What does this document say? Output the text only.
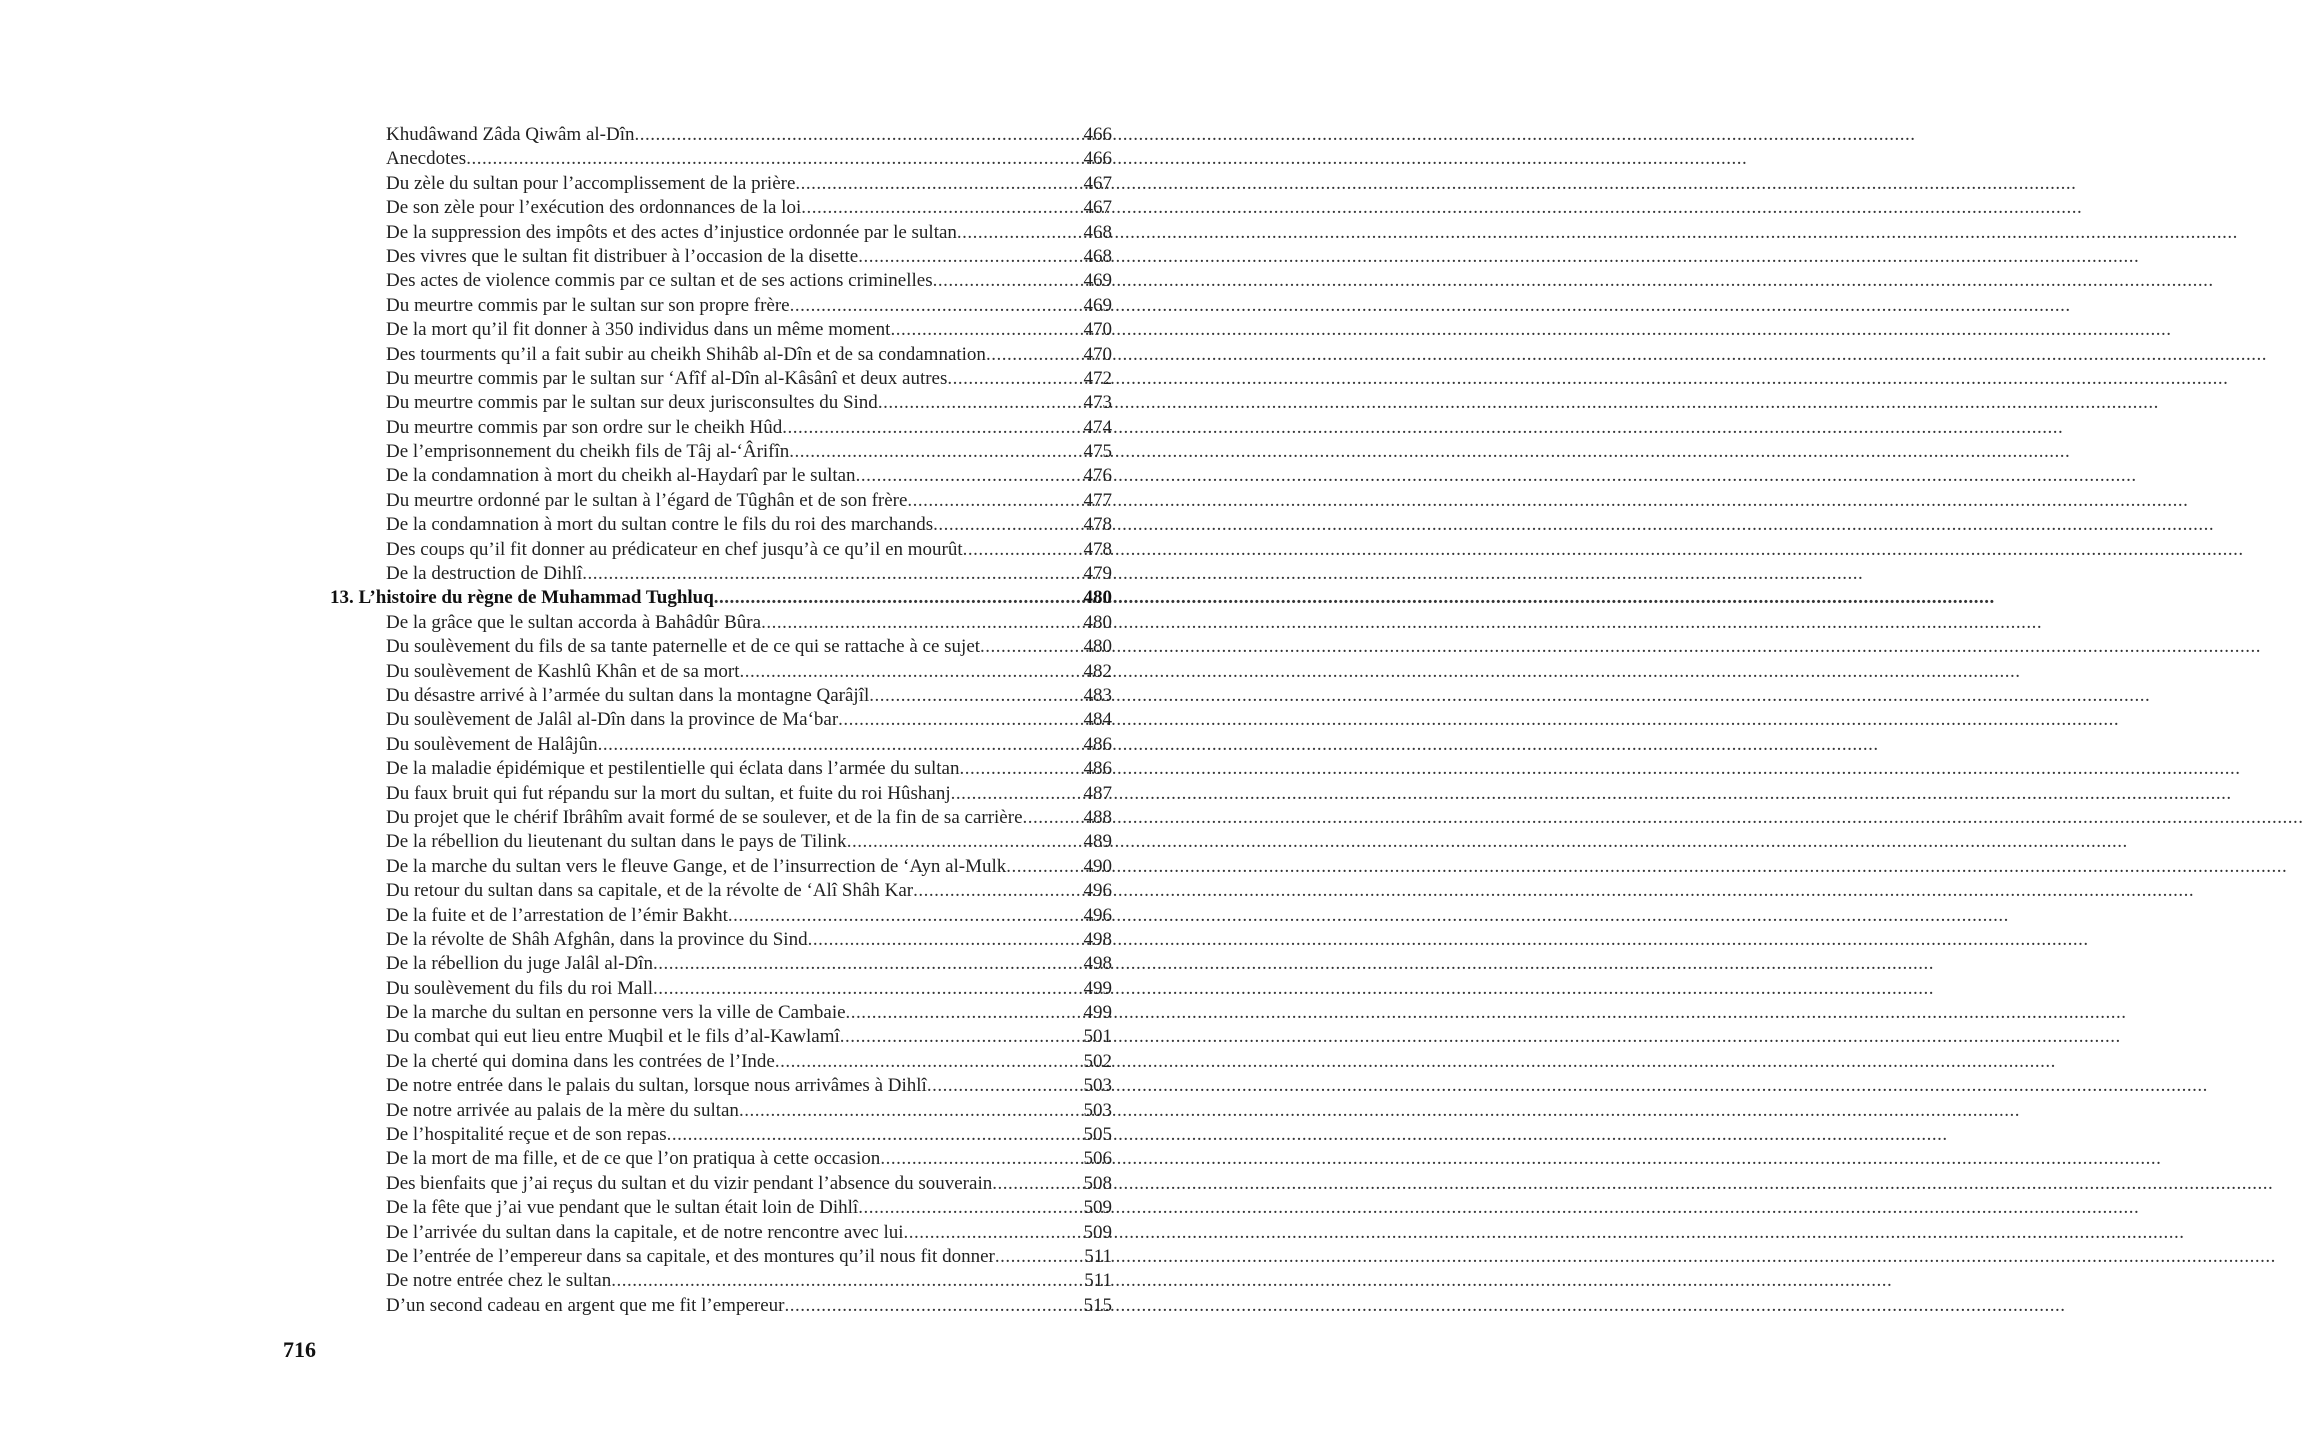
Khudâwand Zâda Qiwâm al-Dîn .....	466
Anecdotes .....	466
Du zèle du sultan pour l’accomplissement de la prière .....	467
De son zèle pour l’exécution des ordonnances de la loi .....	467
De la suppression des impôts et des actes d’injustice ordonnée par le sultan .....	468
Des vivres que le sultan fit distribuer à l’occasion de la disette .....	468
Des actes de violence commis par ce sultan et de ses actions criminelles .....	469
Du meurtre commis par le sultan sur son propre frère .....	469
De la mort qu’il fit donner à 350 individus dans un même moment .....	470
Des tourments qu’il a fait subir au cheikh Shihâb al-Dîn et de sa condamnation .....	470
Du meurtre commis par le sultan sur ‘Afîf al-Dîn al-Kâsânî et deux autres .....	472
Du meurtre commis par le sultan sur deux jurisconsultes du Sind .....	473
Du meurtre commis par son ordre sur le cheikh Hûd .....	474
De l’emprisonnement du cheikh fils de Tâj al-‘Ârifîn .....	475
De la condamnation à mort du cheikh al-Haydarî par le sultan .....	476
Du meurtre ordonné par le sultan à l’égard de Tûghân et de son frère .....	477
De la condamnation à mort du sultan contre le fils du roi des marchands .....	478
Des coups qu’il fit donner au prédicateur en chef jusqu’à ce qu’il en mourût .....	478
De la destruction de Dihlî .....	479
13. L’histoire du règne de Muhammad Tughluq .....	480
De la grâce que le sultan accorda à Bahâdûr Bûra .....	480
Du soulèvement du fils de sa tante paternelle et de ce qui se rattache à ce sujet .....	480
Du soulèvement de Kashlû Khân et de sa mort .....	482
Du désastre arrivé à l’armée du sultan dans la montagne Qarâjîl .....	483
Du soulèvement de Jalâl al-Dîn dans la province de Ma‘bar .....	484
Du soulèvement de Halâjûn .....	486
De la maladie épidémique et pestilentielle qui éclata dans l’armée du sultan .....	486
Du faux bruit qui fut répandu sur la mort du sultan, et fuite du roi Hûshanj .....	487
Du projet que le chérif Ibrâhîm avait formé de se soulever, et de la fin de sa carrière .....	488
De la rébellion du lieutenant du sultan dans le pays de Tilink .....	489
De la marche du sultan vers le fleuve Gange, et de l’insurrection de ‘Ayn al-Mulk .....	490
Du retour du sultan dans sa capitale, et de la révolte de ‘Alî Shâh Kar .....	496
De la fuite et de l’arrestation de l’émir Bakht .....	496
De la révolte de Shâh Afghân, dans la province du Sind .....	498
De la rébellion du juge Jalâl al-Dîn .....	498
Du soulèvement du fils du roi Mall .....	499
De la marche du sultan en personne vers la ville de Cambaie .....	499
Du combat qui eut lieu entre Muqbil et le fils d’al-Kawlamî .....	501
De la cherté qui domina dans les contrées de l’Inde .....	502
De notre entrée dans le palais du sultan, lorsque nous arrivâmes à Dihlî .....	503
De notre arrivée au palais de la mère du sultan .....	503
De l’hospitalité reçue et de son repas .....	505
De la mort de ma fille, et de ce que l’on pratiqua à cette occasion .....	506
Des bienfaits que j’ai reçus du sultan et du vizir pendant l’absence du souverain .....	508
De la fête que j’ai vue pendant que le sultan était loin de Dihlî .....	509
De l’arrivée du sultan dans la capitale, et de notre rencontre avec lui .....	509
De l’entrée de l’empereur dans sa capitale, et des montures qu’il nous fit donner .....	511
De notre entrée chez le sultan .....	511
D’un second cadeau en argent que me fit l’empereur .....	515
716
